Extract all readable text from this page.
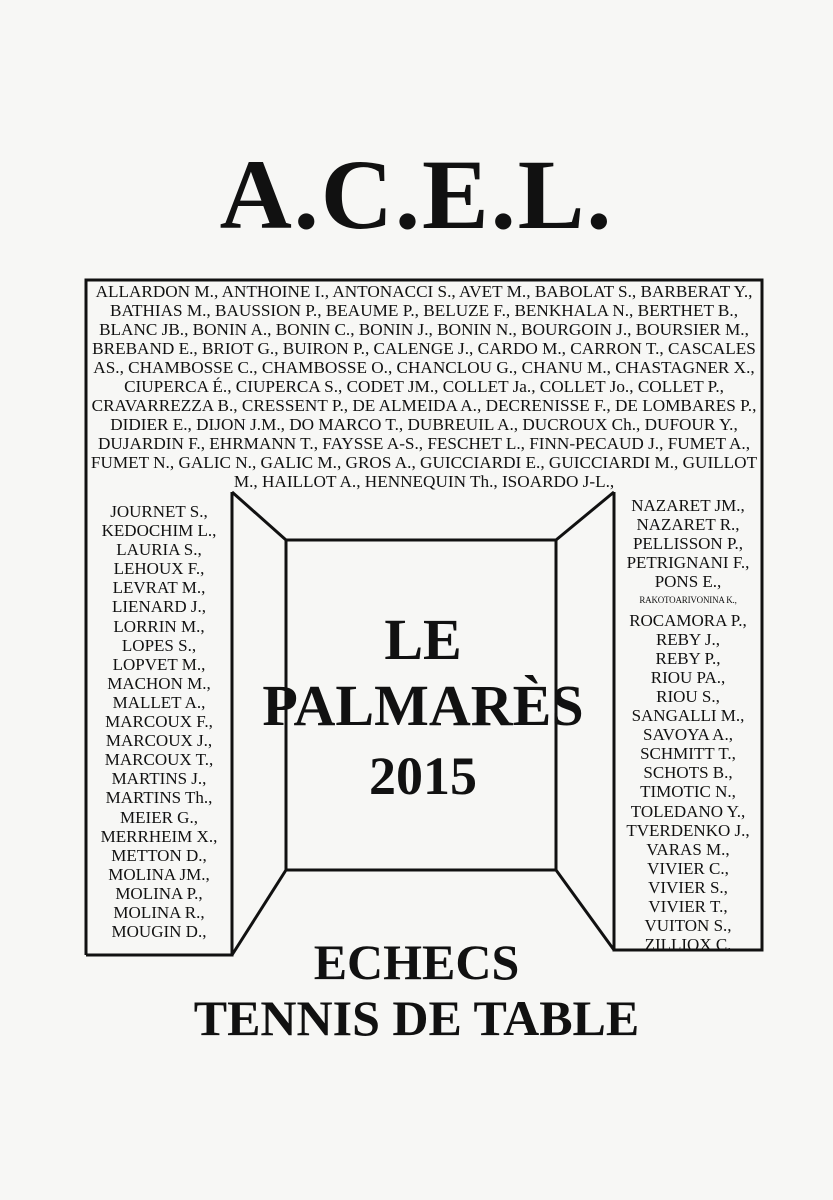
A.C.E.L.
ALLARDON M., ANTHOINE I., ANTONACCI S., AVET M., BABOLAT S., BARBERAT Y., BATHIAS M., BAUSSION P., BEAUME P., BELUZE F., BENKHALA N., BERTHET B., BLANC JB., BONIN A., BONIN C., BONIN J., BONIN N., BOURGOIN J., BOURSIER M., BREBAND E., BRIOT G., BUIRON P., CALENGE J., CARDO M., CARRON T., CASCALES AS., CHAMBOSSE C., CHAMBOSSE O., CHANCLOU G., CHANU M., CHASTAGNER X., CIUPERCA É., CIUPERCA S., CODET JM., COLLET Ja., COLLET Jo., COLLET P., CRAVARREZZA B., CRESSENT P., DE ALMEIDA A., DECRENISSE F., DE LOMBARES P., DIDIER E., DIJON J.M., DO MARCO T., DUBREUIL A., DUCROUX Ch., DUFOUR Y., DUJARDIN F., EHRMANN T., FAYSSE A-S., FESCHET L., FINN-PECAUD J., FUMET A., FUMET N., GALIC N., GALIC M., GROS A., GUICCIARDI E., GUICCIARDI M., GUILLOT M., HAILLOT A., HENNEQUIN Th., ISOARDO J-L.,
JOURNET S.,
KEDOCHIM L.,
LAURIA S.,
LEHOUX F.,
LEVRAT M.,
LIENARD J.,
LORRIN M.,
LOPES S.,
LOPVET M.,
MACHON M.,
MALLET A.,
MARCOUX F.,
MARCOUX J.,
MARCOUX T.,
MARTINS J.,
MARTINS Th.,
MEIER G.,
MERRHEIM X.,
METTON D.,
MOLINA JM.,
MOLINA P.,
MOLINA R.,
MOUGIN D.,
NAZARET JM.,
NAZARET R.,
PELLISSON P.,
PETRIGNANI F.,
PONS E.,
RAKOTOARIVONINA K.,
ROCAMORA P.,
REBY J.,
REBY P.,
RIOU PA.,
RIOU S.,
SANGALLI M.,
SAVOYA A.,
SCHMITT T.,
SCHOTS B.,
TIMOTIC N.,
TOLEDANO Y.,
TVERDENKO J.,
VARAS M.,
VIVIER C.,
VIVIER S.,
VIVIER T.,
VUITON S.,
ZILLIOX C.
LE
PALMARÈS
2015
ECHECS
TENNIS DE TABLE
